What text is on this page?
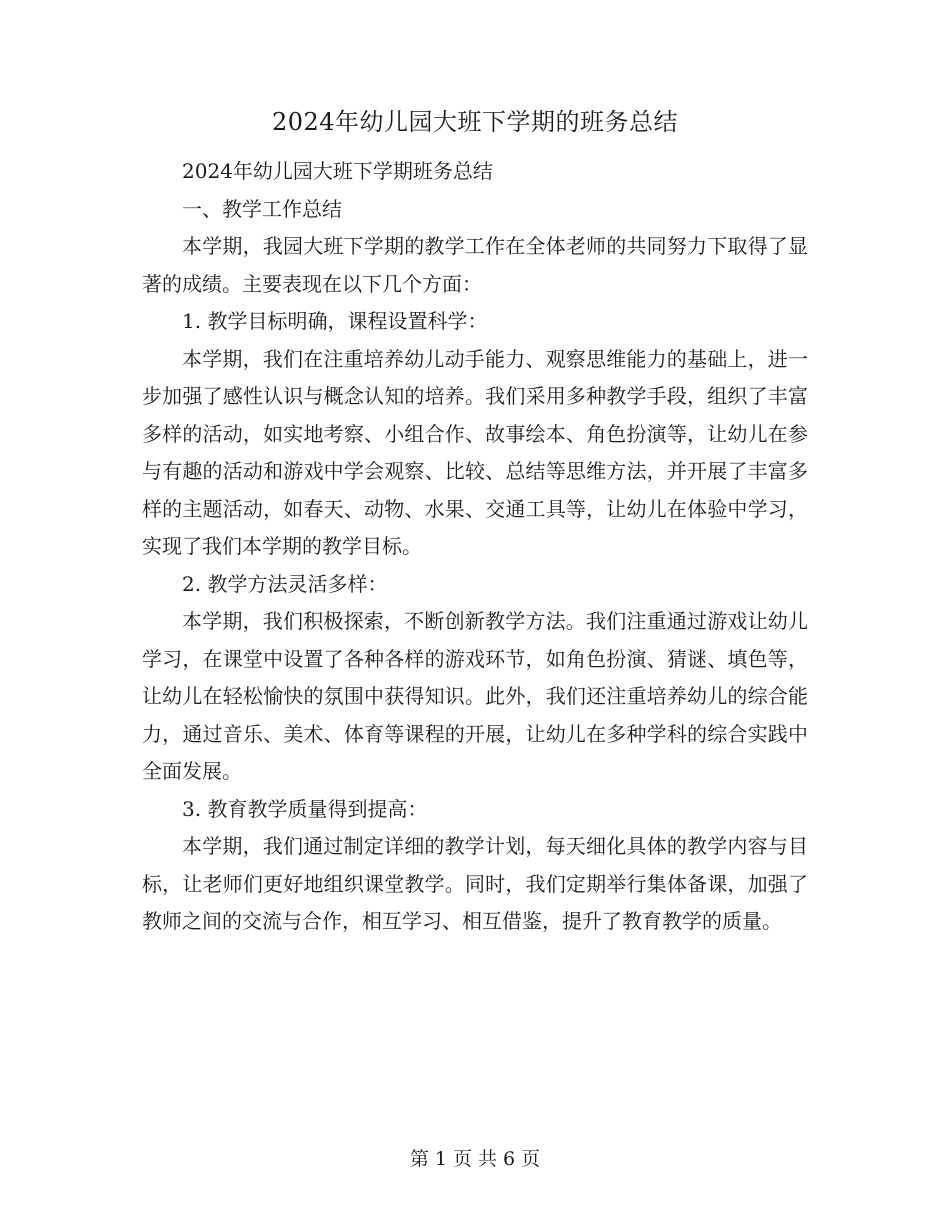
2024年幼儿园大班下学期的班务总结

2024年幼儿园大班下学期班务总结

一、教学工作总结

本学期，我园大班下学期的教学工作在全体老师的共同努力下取得了显著的成绩。主要表现在以下几个方面：

1. 教学目标明确，课程设置科学：

本学期，我们在注重培养幼儿动手能力、观察思维能力的基础上，进一步加强了感性认识与概念认知的培养。我们采用多种教学手段，组织了丰富多样的活动，如实地考察、小组合作、故事绘本、角色扮演等，让幼儿在参与有趣的活动和游戏中学会观察、比较、总结等思维方法，并开展了丰富多样的主题活动，如春天、动物、水果、交通工具等，让幼儿在体验中学习，实现了我们本学期的教学目标。

2. 教学方法灵活多样：

本学期，我们积极探索，不断创新教学方法。我们注重通过游戏让幼儿学习，在课堂中设置了各种各样的游戏环节，如角色扮演、猜谜、填色等，让幼儿在轻松愉快的氛围中获得知识。此外，我们还注重培养幼儿的综合能力，通过音乐、美术、体育等课程的开展，让幼儿在多种学科的综合实践中全面发展。

3. 教育教学质量得到提高：

本学期，我们通过制定详细的教学计划，每天细化具体的教学内容与目标，让老师们更好地组织课堂教学。同时，我们定期举行集体备课，加强了教师之间的交流与合作，相互学习、相互借鉴，提升了教育教学的质量。

第 1 页 共 6 页
